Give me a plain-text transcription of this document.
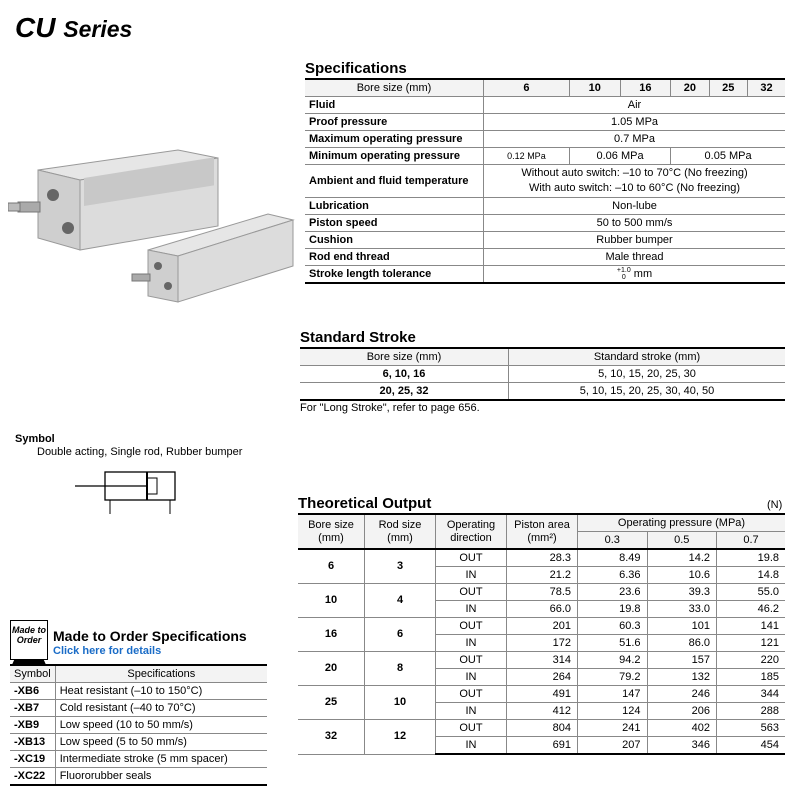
CU Series
Specifications
Bore size (mm)	6	10	16	20	25	32
Fluid	Air					
Proof pressure	1.05 MPa					
Maximum operating pressure	0.7 MPa					
Minimum operating pressure	0.12 MPa	0.06 MPa		0.05 MPa		
Ambient and fluid temperature	Without auto switch: –10 to 70°C (No freezing)
With auto switch: –10 to 60°C (No freezing)					

Lubrication	Non-lube					
Piston speed	50 to 500 mm/s					
Cushion	Rubber bumper					
Rod end thread	Male thread					
Stroke length tolerance	+1.0
0 mm					
Standard Stroke
Bore size (mm)	Standard stroke (mm)
6, 10, 16	5, 10, 15, 20, 25, 30
20, 25, 32	5, 10, 15, 20, 25, 30, 40, 50
For "Long Stroke", refer to page 656.
Symbol
Double acting, Single rod, Rubber bumper
Theoretical Output	(N)
Bore size (mm)	Rod size (mm)	Operating direction	Piston area (mm²)	Operating pressure (MPa)		
				0.3	0.5	0.7
6	3	OUT	28.3	8.49	14.2	19.8
		IN	21.2	6.36	10.6	14.8
10	4	OUT	78.5	23.6	39.3	55.0
		IN	66.0	19.8	33.0	46.2
16	6	OUT	201	60.3	101	141
		IN	172	51.6	86.0	121
20	8	OUT	314	94.2	157	220
		IN	264	79.2	132	185
25	10	OUT	491	147	246	344
		IN	412	124	206	288
32	12	OUT	804	241	402	563
		IN	691	207	346	454
Made to
Order Made to Order Specifications
Click here for details
Symbol	Specifications
-XB6	Heat resistant (–10 to 150°C)
-XB7	Cold resistant (–40 to 70°C)
-XB9	Low speed (10 to 50 mm/s)
-XB13	Low speed (5 to 50 mm/s)
-XC19	Intermediate stroke (5 mm spacer)
-XC22	Fluororubber seals
